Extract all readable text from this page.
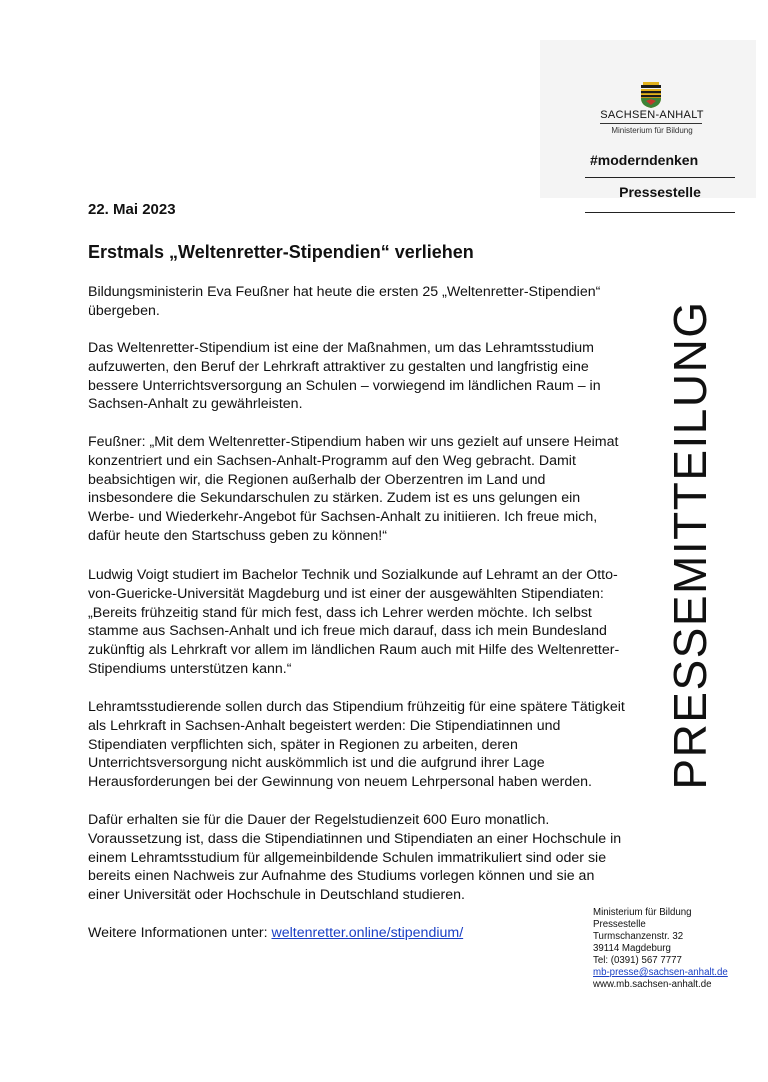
SACHSEN-ANHALT
Ministerium für Bildung
#moderndenken
Pressestelle
PRESSEMITTEILUNG
22. Mai 2023
Erstmals „Weltenretter-Stipendien“ verliehen
Bildungsministerin Eva Feußner hat heute die ersten 25 „Weltenretter-Stipendien“ übergeben.
Das Weltenretter-Stipendium ist eine der Maßnahmen, um das Lehramtsstudium aufzuwerten, den Beruf der Lehrkraft attraktiver zu gestalten und langfristig eine bessere Unterrichtsversorgung an Schulen – vorwiegend im ländlichen Raum – in Sachsen-Anhalt zu gewährleisten.
Feußner: „Mit dem Weltenretter-Stipendium haben wir uns gezielt auf unsere Heimat konzentriert und ein Sachsen-Anhalt-Programm auf den Weg gebracht. Damit beabsichtigen wir, die Regionen außerhalb der Oberzentren im Land und insbesondere die Sekundarschulen zu stärken. Zudem ist es uns gelungen ein Werbe- und Wiederkehr-Angebot für Sachsen-Anhalt zu initiieren. Ich freue mich, dafür heute den Startschuss geben zu können!“
Ludwig Voigt studiert im Bachelor Technik und Sozialkunde auf Lehramt an der Otto-von-Guericke-Universität Magdeburg und ist einer der ausgewählten Stipendiaten: „Bereits frühzeitig stand für mich fest, dass ich Lehrer werden möchte. Ich selbst stamme aus Sachsen-Anhalt und ich freue mich darauf, dass ich mein Bundesland zukünftig als Lehrkraft vor allem im ländlichen Raum auch mit Hilfe des Weltenretter-Stipendiums unterstützen kann.“
Lehramtsstudierende sollen durch das Stipendium frühzeitig für eine spätere Tätigkeit als Lehrkraft in Sachsen-Anhalt begeistert werden: Die Stipendiatinnen und Stipendiaten verpflichten sich, später in Regionen zu arbeiten, deren Unterrichtsversorgung nicht auskömmlich ist und die aufgrund ihrer Lage Herausforderungen bei der Gewinnung von neuem Lehrpersonal haben werden.
Dafür erhalten sie für die Dauer der Regelstudienzeit 600 Euro monatlich. Voraussetzung ist, dass die Stipendiatinnen und Stipendiaten an einer Hochschule in einem Lehramtsstudium für allgemeinbildende Schulen immatrikuliert sind oder sie bereits einen Nachweis zur Aufnahme des Studiums vorlegen können und sie an einer Universität oder Hochschule in Deutschland studieren.
Weitere Informationen unter: weltenretter.online/stipendium/
Ministerium für Bildung
Pressestelle
Turmschanzenstr. 32
39114 Magdeburg
Tel: (0391) 567 7777
mb-presse@sachsen-anhalt.de
www.mb.sachsen-anhalt.de
